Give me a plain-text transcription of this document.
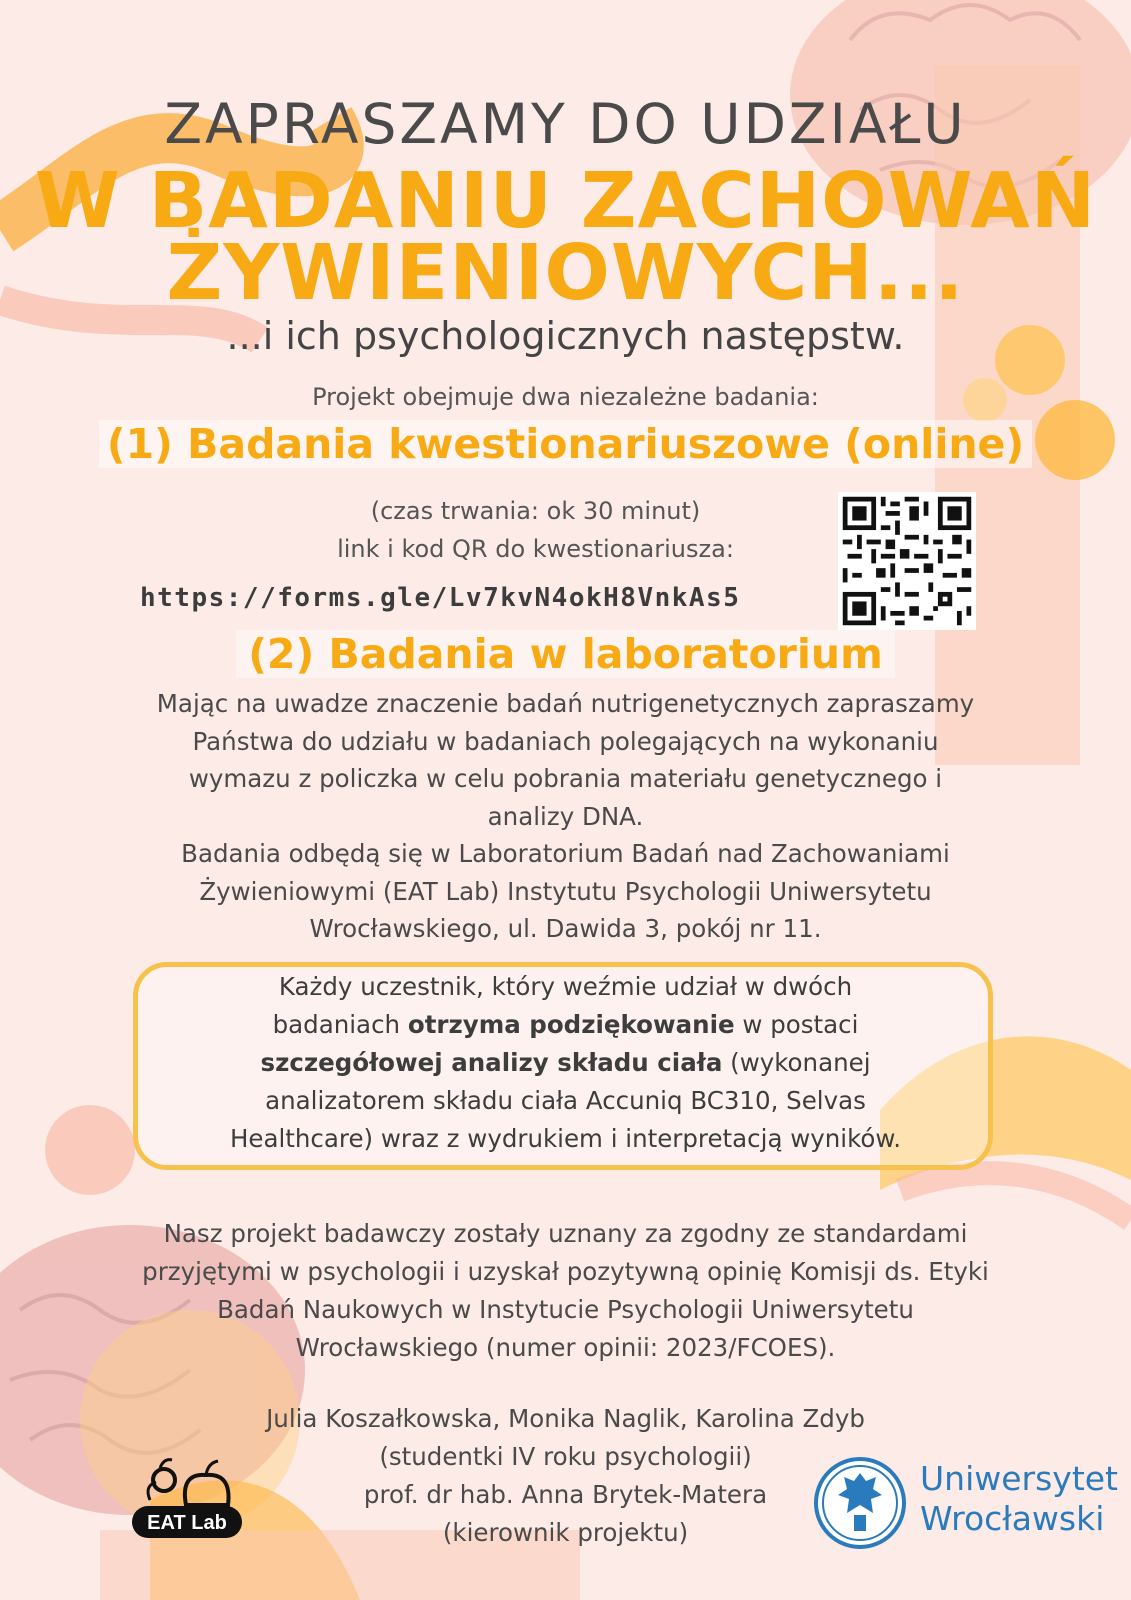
ZAPRASZAMY DO UDZIAŁU
W BADANIU ZACHOWAŃ
ŻYWIENIOWYCH...
...i ich psychologicznych następstw.
Projekt obejmuje dwa niezależne badania:
(1) Badania kwestionariuszowe (online)
(czas trwania: ok 30 minut)
link i kod QR do kwestionariusza:
https://forms.gle/Lv7kvN4okH8VnkAs5
(2) Badania w laboratorium
Mając na uwadze znaczenie badań nutrigenetycznych zapraszamy
Państwa do udziału w badaniach polegających na wykonaniu
wymazu z policzka w celu pobrania materiału genetycznego i
analizy DNA.
Badania odbędą się w Laboratorium Badań nad Zachowaniami
Żywieniowymi (EAT Lab) Instytutu Psychologii Uniwersytetu
Wrocławskiego, ul. Dawida 3, pokój nr 11.
Każdy uczestnik, który weźmie udział w dwóch
badaniach otrzyma podziękowanie w postaci
szczegółowej analizy składu ciała (wykonanej
analizatorem składu ciała Accuniq BC310, Selvas
Healthcare) wraz z wydrukiem i interpretacją wyników.
Nasz projekt badawczy zostały uznany za zgodny ze standardami
przyjętymi w psychologii i uzyskał pozytywną opinię Komisji ds. Etyki
Badań Naukowych w Instytucie Psychologii Uniwersytetu
Wrocławskiego (numer opinii: 2023/FCOES).
Julia Koszałkowska, Monika Naglik, Karolina Zdyb
(studentki IV roku psychologii)
prof. dr hab. Anna Brytek-Matera
(kierownik projektu)
EAT Lab
Uniwersytet
Wrocławski
